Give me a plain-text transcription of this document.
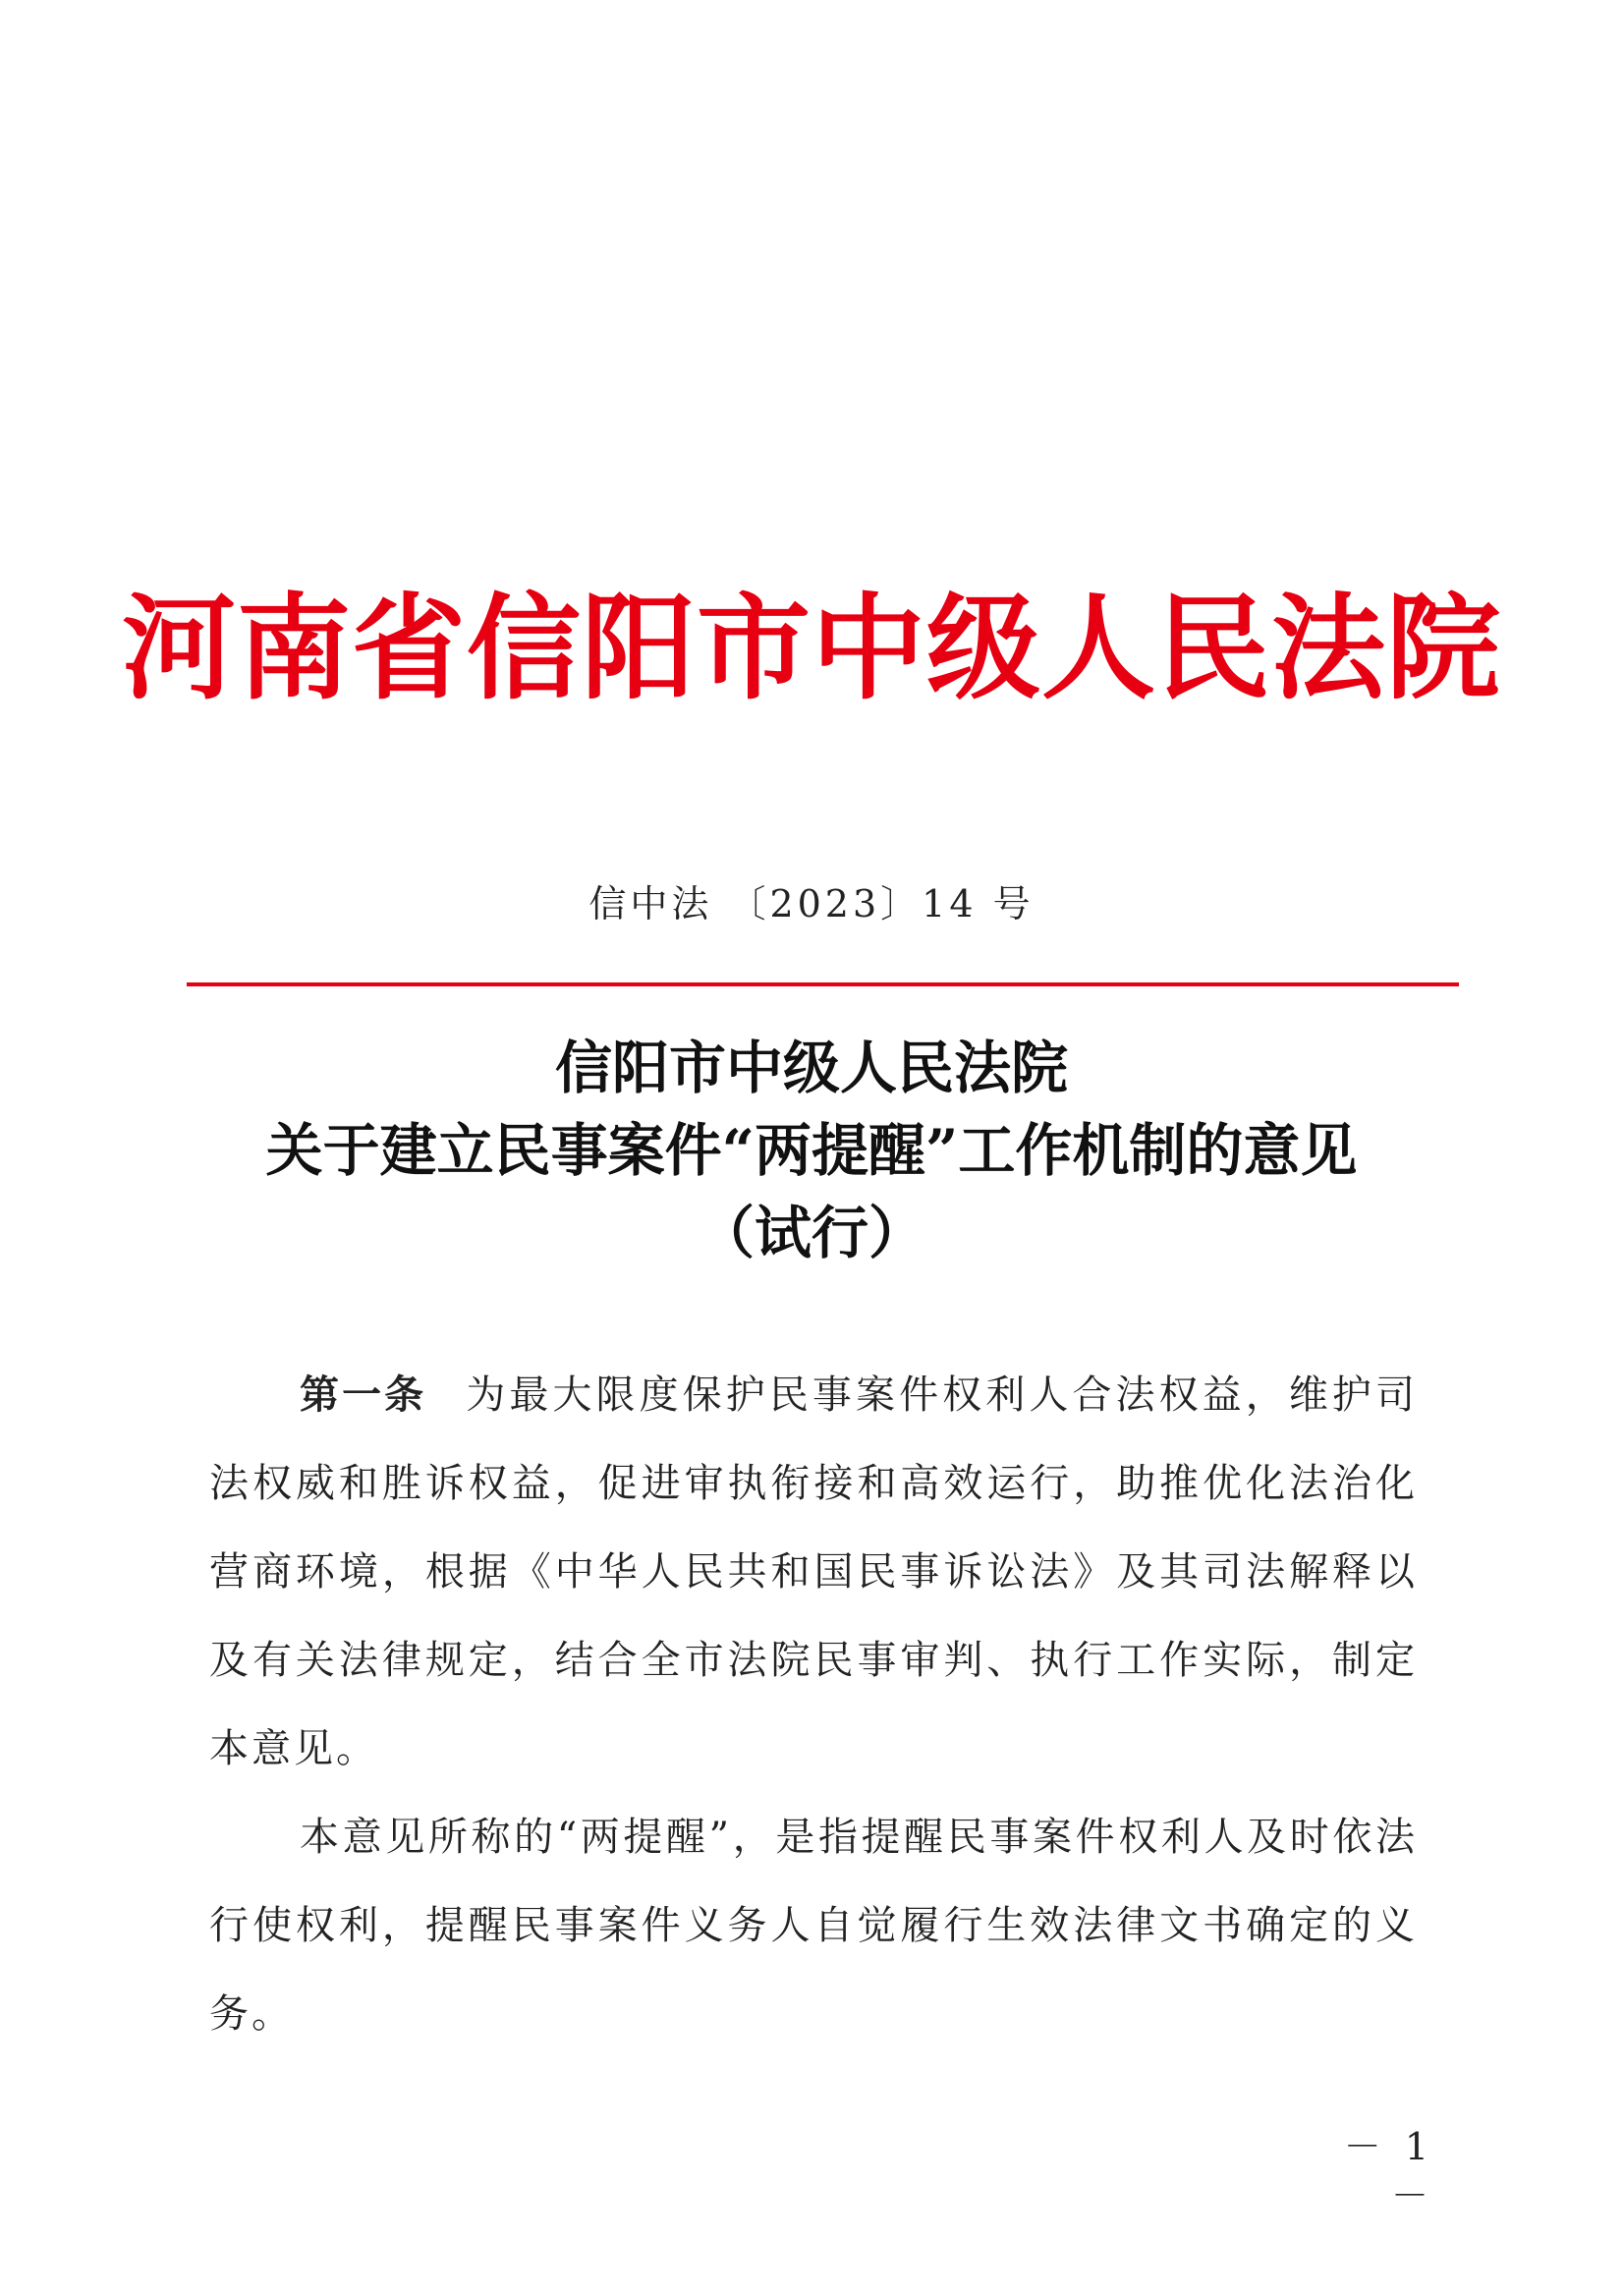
河南省信阳市中级人民法院
信中法 〔2023〕14 号
信阳市中级人民法院
关于建立民事案件“两提醒”工作机制的意见
（试行）

第一条 为最大限度保护民事案件权利人合法权益，维护司法权威和胜诉权益，促进审执衔接和高效运行，助推优化法治化营商环境，根据《中华人民共和国民事诉讼法》及其司法解释以及有关法律规定，结合全市法院民事审判、执行工作实际，制定本意见。

本意见所称的“两提醒”，是指提醒民事案件权利人及时依法行使权利，提醒民事案件义务人自觉履行生效法律文书确定的义务。

－ 1 －
